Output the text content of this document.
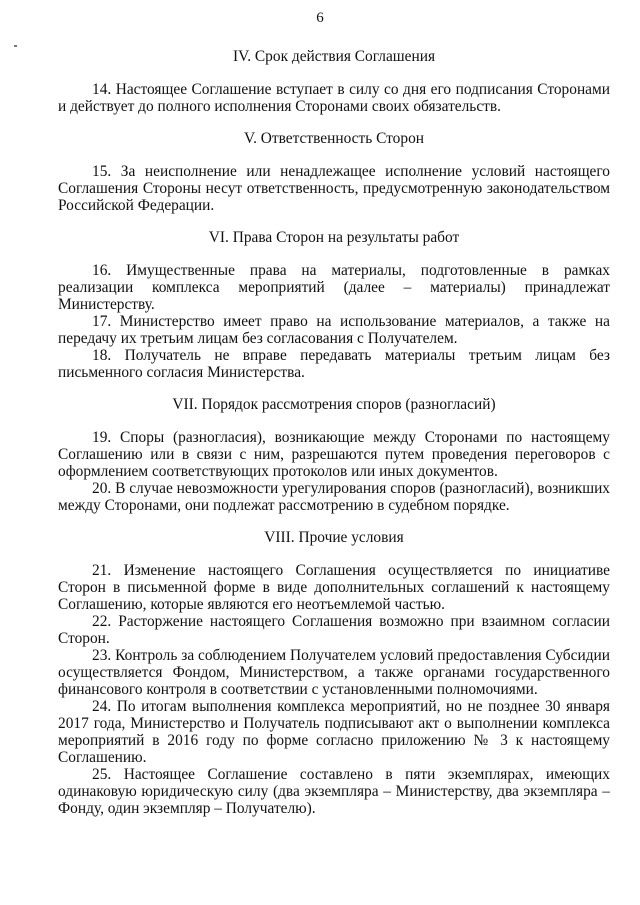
6

IV. Срок действия Соглашения

14. Настоящее Соглашение вступает в силу со дня его подписания Сторонами и действует до полного исполнения Сторонами своих обязательств.

V. Ответственность Сторон

15. За неисполнение или ненадлежащее исполнение условий настоящего Соглашения Стороны несут ответственность, предусмотренную законодательством Российской Федерации.

VI. Права Сторон на результаты работ

16. Имущественные права на материалы, подготовленные в рамках реализации комплекса мероприятий (далее – материалы) принадлежат Министерству.

17. Министерство имеет право на использование материалов, а также на передачу их третьим лицам без согласования с Получателем.

18. Получатель не вправе передавать материалы третьим лицам без письменного согласия Министерства.

VII. Порядок рассмотрения споров (разногласий)

19. Споры (разногласия), возникающие между Сторонами по настоящему Соглашению или в связи с ним, разрешаются путем проведения переговоров с оформлением соответствующих протоколов или иных документов.

20. В случае невозможности урегулирования споров (разногласий), возникших между Сторонами, они подлежат рассмотрению в судебном порядке.

VIII. Прочие условия

21. Изменение настоящего Соглашения осуществляется по инициативе Сторон в письменной форме в виде дополнительных соглашений к настоящему Соглашению, которые являются его неотъемлемой частью.

22. Расторжение настоящего Соглашения возможно при взаимном согласии Сторон.

23. Контроль за соблюдением Получателем условий предоставления Субсидии осуществляется Фондом, Министерством, а также органами государственного финансового контроля в соответствии с установленными полномочиями.

24. По итогам выполнения комплекса мероприятий, но не позднее 30 января 2017 года, Министерство и Получатель подписывают акт о выполнении комплекса мероприятий в 2016 году по форме согласно приложению № 3 к настоящему Соглашению.

25. Настоящее Соглашение составлено в пяти экземплярах, имеющих одинаковую юридическую силу (два экземпляра – Министерству, два экземпляра – Фонду, один экземпляр – Получателю).
